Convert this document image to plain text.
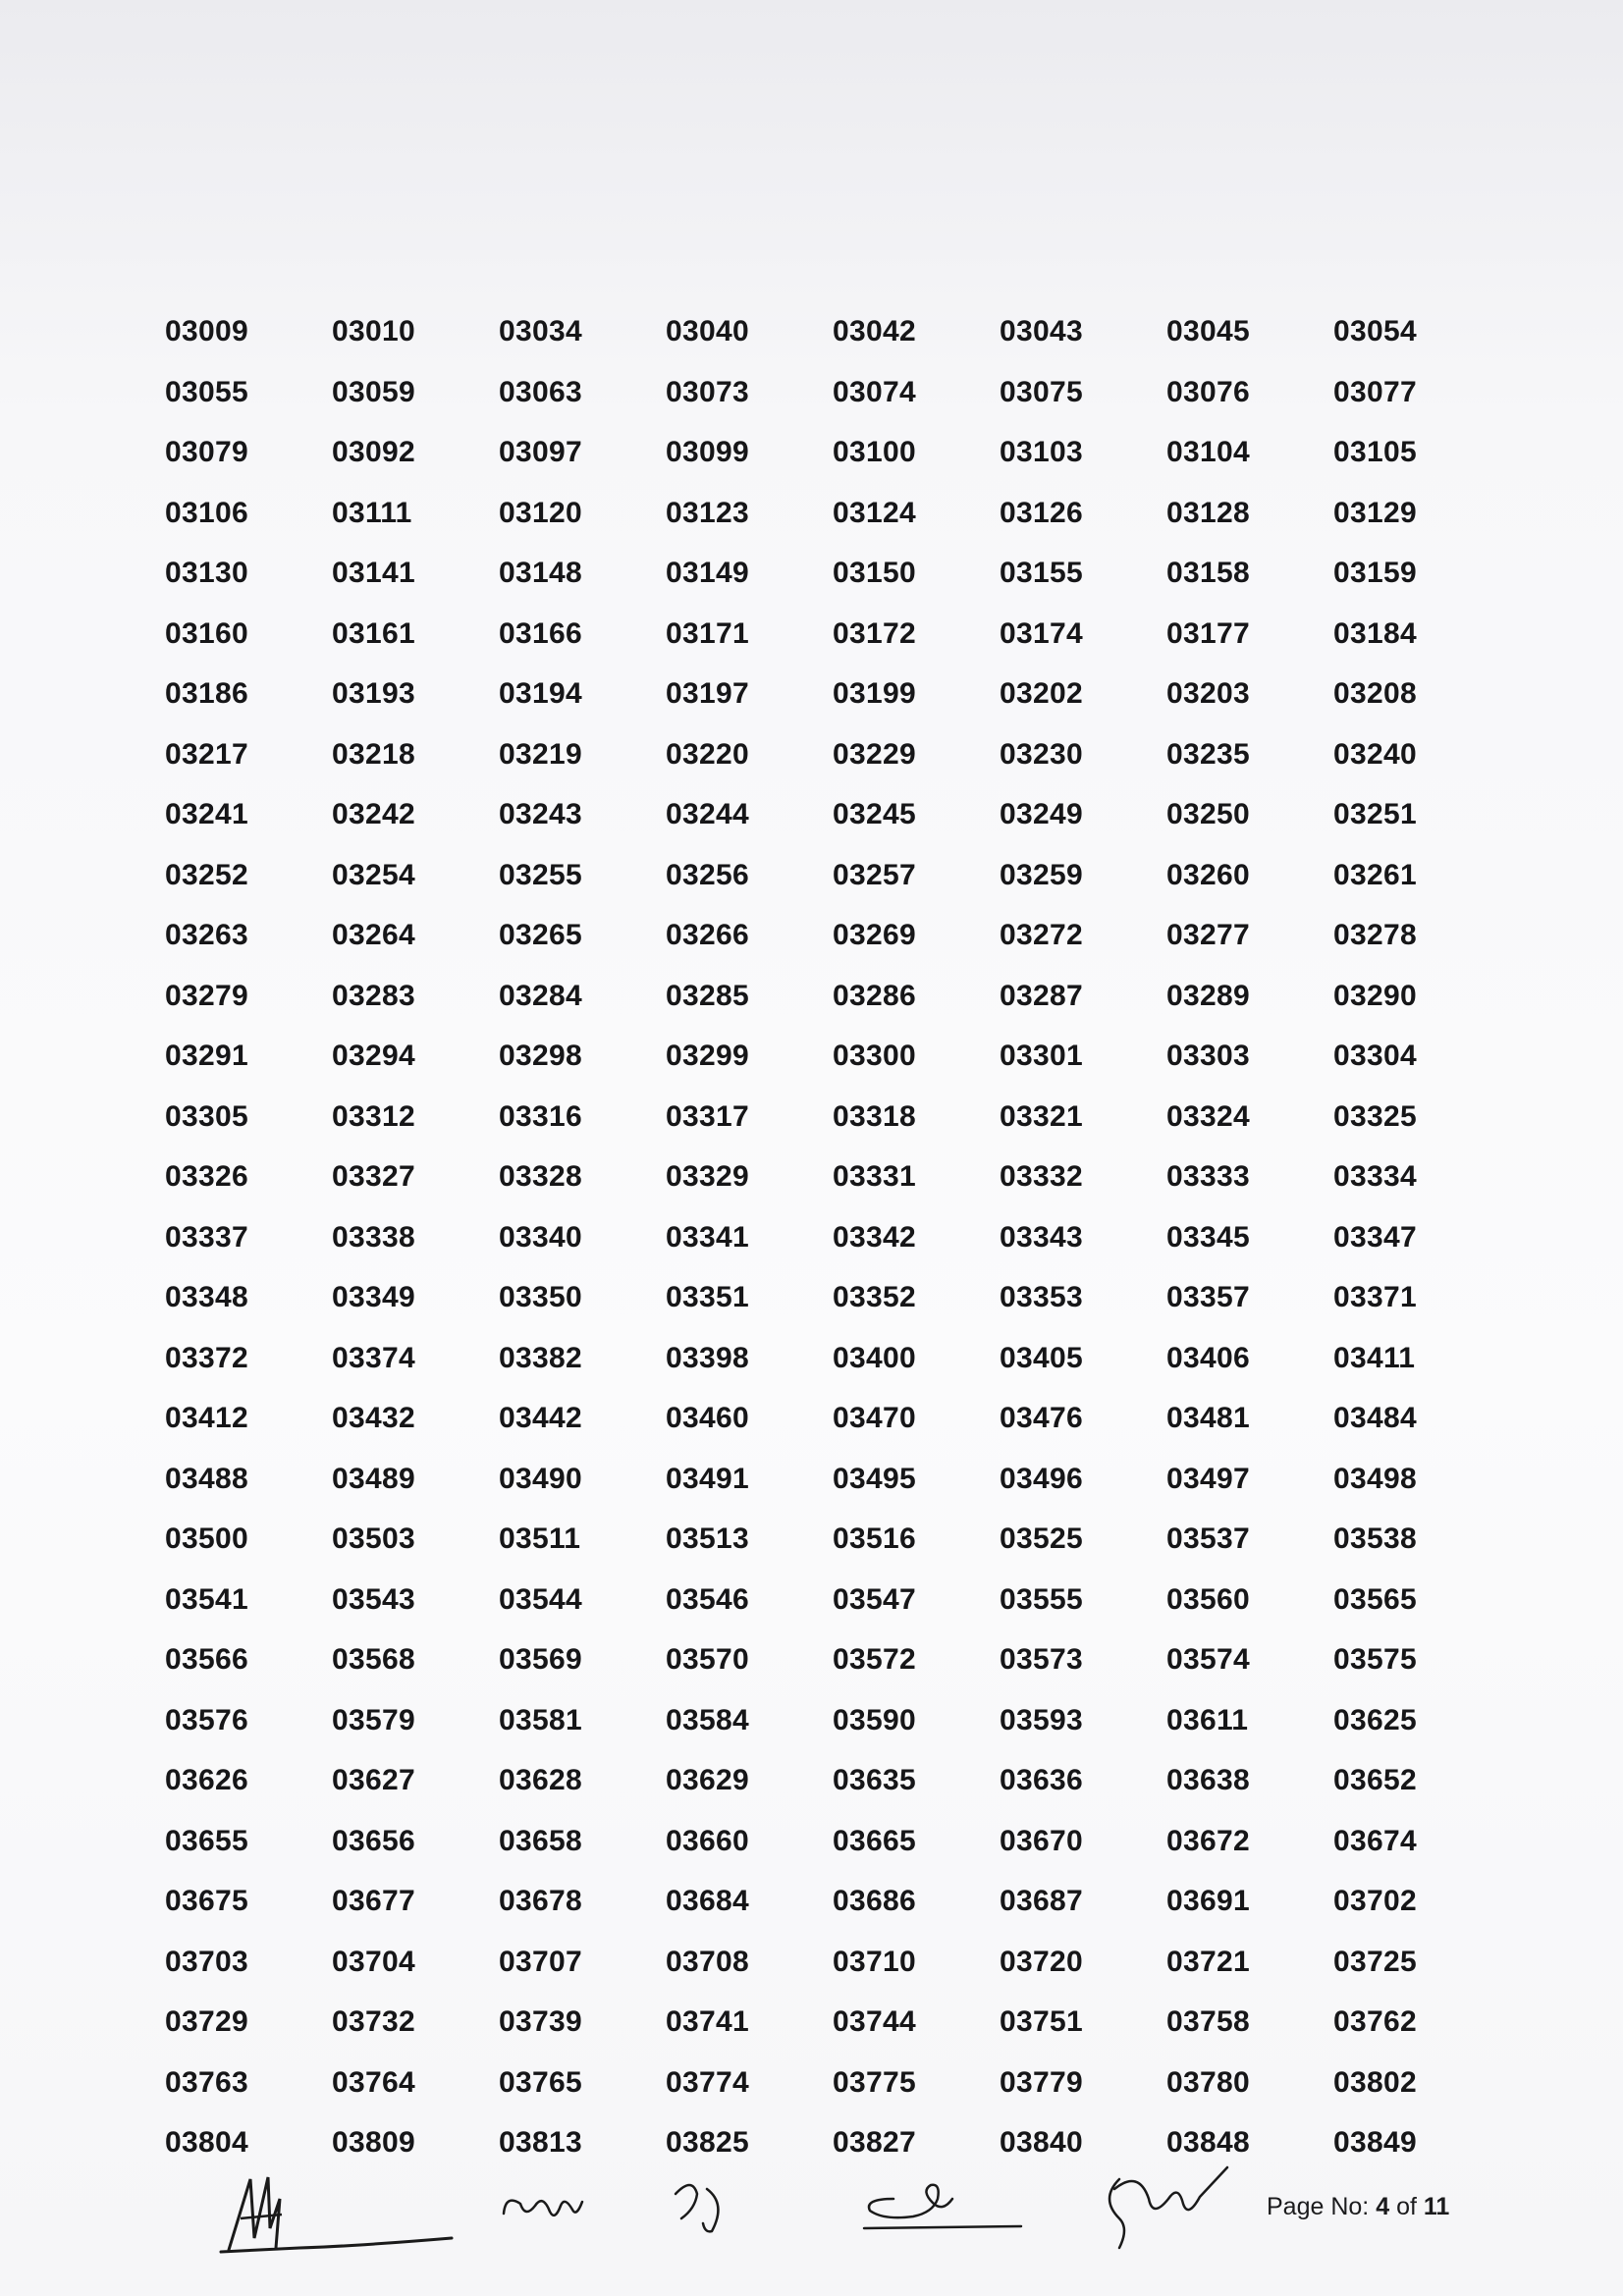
03009	03010	03034	03040	03042	03043	03045	03054
03055	03059	03063	03073	03074	03075	03076	03077
03079	03092	03097	03099	03100	03103	03104	03105
03106	03111	03120	03123	03124	03126	03128	03129
03130	03141	03148	03149	03150	03155	03158	03159
03160	03161	03166	03171	03172	03174	03177	03184
03186	03193	03194	03197	03199	03202	03203	03208
03217	03218	03219	03220	03229	03230	03235	03240
03241	03242	03243	03244	03245	03249	03250	03251
03252	03254	03255	03256	03257	03259	03260	03261
03263	03264	03265	03266	03269	03272	03277	03278
03279	03283	03284	03285	03286	03287	03289	03290
03291	03294	03298	03299	03300	03301	03303	03304
03305	03312	03316	03317	03318	03321	03324	03325
03326	03327	03328	03329	03331	03332	03333	03334
03337	03338	03340	03341	03342	03343	03345	03347
03348	03349	03350	03351	03352	03353	03357	03371
03372	03374	03382	03398	03400	03405	03406	03411
03412	03432	03442	03460	03470	03476	03481	03484
03488	03489	03490	03491	03495	03496	03497	03498
03500	03503	03511	03513	03516	03525	03537	03538
03541	03543	03544	03546	03547	03555	03560	03565
03566	03568	03569	03570	03572	03573	03574	03575
03576	03579	03581	03584	03590	03593	03611	03625
03626	03627	03628	03629	03635	03636	03638	03652
03655	03656	03658	03660	03665	03670	03672	03674
03675	03677	03678	03684	03686	03687	03691	03702
03703	03704	03707	03708	03710	03720	03721	03725
03729	03732	03739	03741	03744	03751	03758	03762
03763	03764	03765	03774	03775	03779	03780	03802
03804	03809	03813	03825	03827	03840	03848	03849
Page No: 4 of 11
